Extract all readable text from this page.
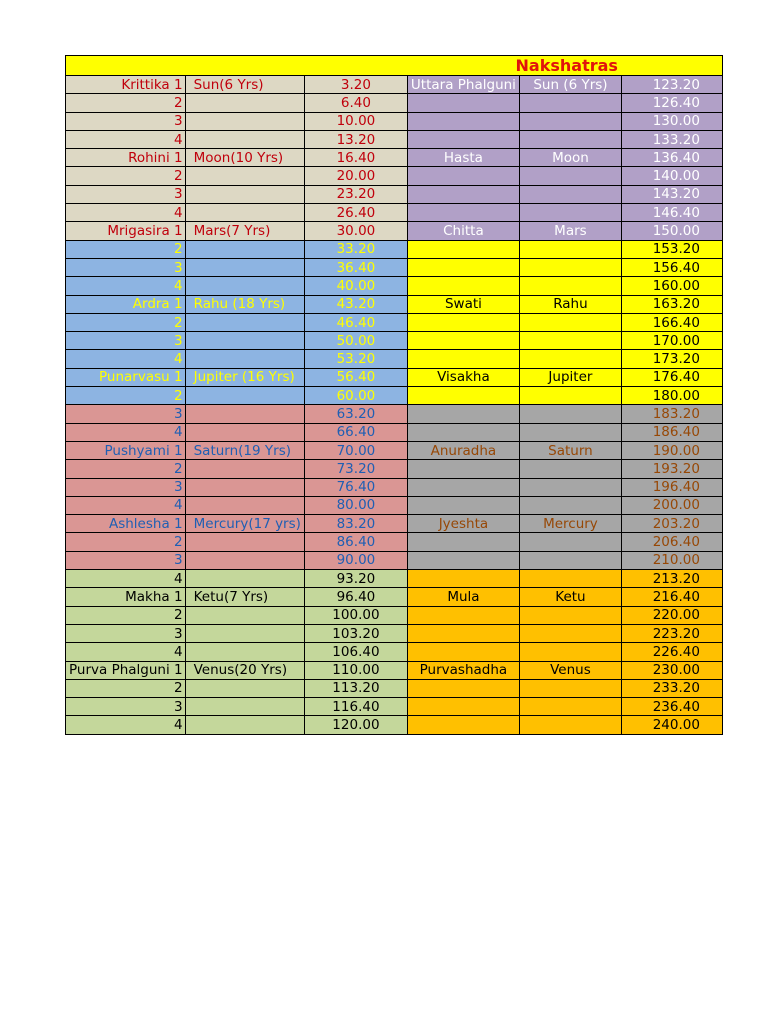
Nakshatras					
Krittika 1	Sun(6 Yrs)	3.20	Uttara Phalguni	Sun (6 Yrs)	123.20
2		6.40			126.40
3		10.00			130.00
4		13.20			133.20
Rohini 1	Moon(10 Yrs)	16.40	Hasta	Moon	136.40
2		20.00			140.00
3		23.20			143.20
4		26.40			146.40
Mrigasira 1	Mars(7 Yrs)	30.00	Chitta	Mars	150.00
2		33.20			153.20
3		36.40			156.40
4		40.00			160.00
Ardra 1	Rahu (18 Yrs)	43.20	Swati	Rahu	163.20
2		46.40			166.40
3		50.00			170.00
4		53.20			173.20
Punarvasu 1	Jupiter (16 Yrs)	56.40	Visakha	Jupiter	176.40
2		60.00			180.00
3		63.20			183.20
4		66.40			186.40
Pushyami 1	Saturn(19 Yrs)	70.00	Anuradha	Saturn	190.00
2		73.20			193.20
3		76.40			196.40
4		80.00			200.00
Ashlesha 1	Mercury(17 yrs)	83.20	Jyeshta	Mercury	203.20
2		86.40			206.40
3		90.00			210.00
4		93.20			213.20
Makha 1	Ketu(7 Yrs)	96.40	Mula	Ketu	216.40
2		100.00			220.00
3		103.20			223.20
4		106.40			226.40
Purva Phalguni 1	Venus(20 Yrs)	110.00	Purvashadha	Venus	230.00
2		113.20			233.20
3		116.40			236.40
4		120.00			240.00
